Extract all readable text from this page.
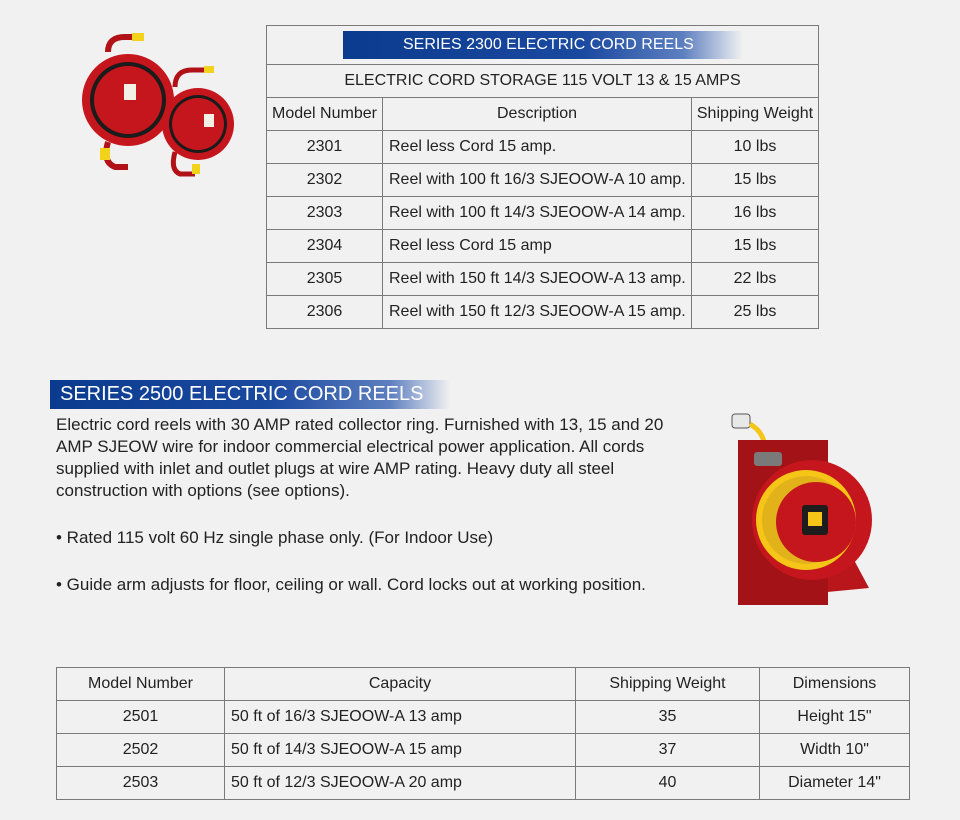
SERIES 2300 ELECTRIC CORD REELS		

ELECTRIC CORD STORAGE 115 VOLT 13 & 15 AMPS		
Model Number	Description	Shipping Weight
2301	Reel less Cord 15 amp.	10 lbs
2302	Reel with 100 ft 16/3 SJEOOW-A 10 amp.	15 lbs
2303	Reel with 100 ft 14/3 SJEOOW-A 14 amp.	16 lbs
2304	Reel less Cord 15 amp	15 lbs
2305	Reel with 150 ft 14/3 SJEOOW-A 13 amp.	22 lbs
2306	Reel with 150 ft 12/3 SJEOOW-A 15 amp.	25 lbs
SERIES 2500 ELECTRIC CORD REELS

Electric cord reels with 30 AMP rated collector ring. Furnished with 13, 15 and 20 AMP SJEOW wire for indoor commercial electrical power application. All cords supplied with inlet and outlet plugs at wire AMP rating. Heavy duty all steel construction with options (see options).

• Rated 115 volt 60 Hz single phase only. (For Indoor Use)

• Guide arm adjusts for floor, ceiling or wall. Cord locks out at working position.

Model Number	Capacity	Shipping Weight	Dimensions
2501	50 ft of 16/3 SJEOOW-A 13 amp	35	Height 15"
2502	50 ft of 14/3 SJEOOW-A 15 amp	37	Width 10"
2503	50 ft of 12/3 SJEOOW-A 20 amp	40	Diameter 14"
